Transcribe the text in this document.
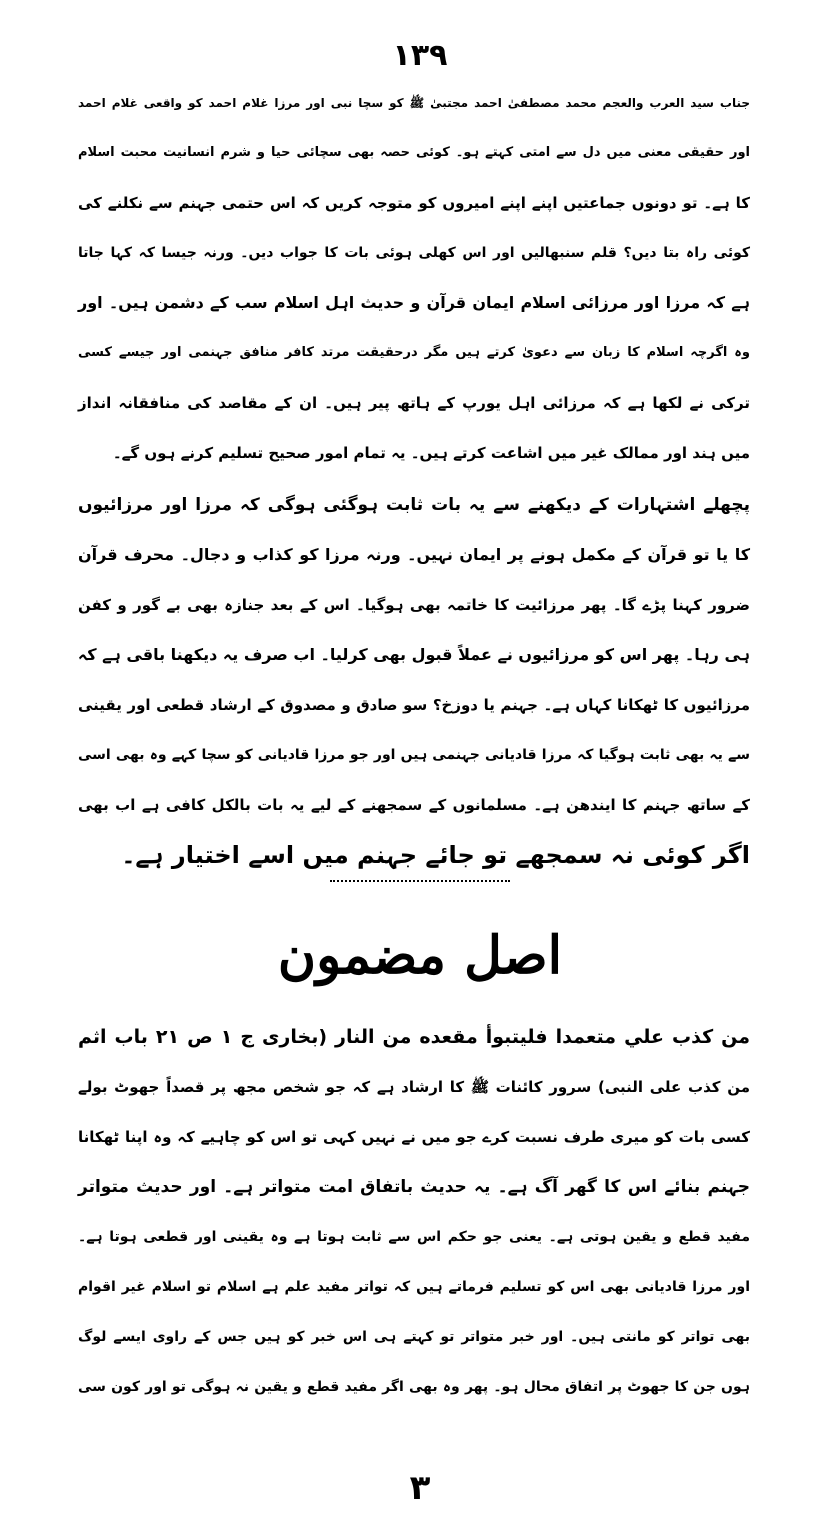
۱۳۹
جناب سید العرب والعجم محمد مصطفیٰ احمد مجتبیٰ ﷺ کو سچا نبی اور مرزا غلام احمد کو واقعی غلام احمد
اور حقیقی معنی میں دل سے امتی کہتے ہو۔ کوئی حصہ بھی سچائی حیا و شرم انسانیت محبت اسلام
کا ہے۔ تو دونوں جماعتیں اپنے اپنے امیروں کو متوجہ کریں کہ اس حتمی جہنم سے نکلنے کی
کوئی راہ بتا دیں؟ قلم سنبھالیں اور اس کھلی ہوئی بات کا جواب دیں۔ ورنہ جیسا کہ کہا جاتا
ہے کہ مرزا اور مرزائی اسلام ایمان قرآن و حدیث اہل اسلام سب کے دشمن ہیں۔ اور
وہ اگرچہ اسلام کا زبان سے دعویٰ کرتے ہیں مگر درحقیقت مرتد کافر منافق جہنمی اور جیسے کسی
ترکی نے لکھا ہے کہ مرزائی اہل یورپ کے ہاتھ پیر ہیں۔ ان کے مقاصد کی منافقانہ انداز
میں ہند اور ممالک غیر میں اشاعت کرتے ہیں۔ یہ تمام امور صحیح تسلیم کرنے ہوں گے۔
پچھلے اشتہارات کے دیکھنے سے یہ بات ثابت ہوگئی ہوگی کہ مرزا اور مرزائیوں
کا یا تو قرآن کے مکمل ہونے پر ایمان نہیں۔ ورنہ مرزا کو کذاب و دجال۔ محرف قرآن
ضرور کہنا پڑے گا۔ پھر مرزائیت کا خاتمہ بھی ہوگیا۔ اس کے بعد جنازہ بھی بے گور و کفن
ہی رہا۔ پھر اس کو مرزائیوں نے عملاً قبول بھی کرلیا۔ اب صرف یہ دیکھنا باقی ہے کہ
مرزائیوں کا ٹھکانا کہاں ہے۔ جہنم یا دوزخ؟ سو صادق و مصدوق کے ارشاد قطعی اور یقینی
سے یہ بھی ثابت ہوگیا کہ مرزا قادیانی جہنمی ہیں اور جو مرزا قادیانی کو سچا کہے وہ بھی اسی
کے ساتھ جہنم کا ایندھن ہے۔ مسلمانوں کے سمجھنے کے لیے یہ بات بالکل کافی ہے اب بھی
اگر کوئی نہ سمجھے تو جائے جہنم میں اسے اختیار ہے۔
اصل مضمون
من كذب علي متعمدا فليتبوأ مقعده من النار (بخاری ج ۱ ص ۲۱ باب اثم
من کذب علی النبی) سرور کائنات ﷺ کا ارشاد ہے کہ جو شخص مجھ پر قصداً جھوٹ بولے
کسی بات کو میری طرف نسبت کرے جو میں نے نہیں کہی تو اس کو چاہیے کہ وہ اپنا ٹھکانا
جہنم بنائے اس کا گھر آگ ہے۔ یہ حدیث باتفاق امت متواتر ہے۔ اور حدیث متواتر
مفید قطع و یقین ہوتی ہے۔ یعنی جو حکم اس سے ثابت ہوتا ہے وہ یقینی اور قطعی ہوتا ہے۔
اور مرزا قادیانی بھی اس کو تسلیم فرماتے ہیں کہ تواتر مفید علم ہے اسلام تو اسلام غیر اقوام
بھی تواتر کو مانتی ہیں۔ اور خبر متواتر تو کہتے ہی اس خبر کو ہیں جس کے راوی ایسے لوگ
ہوں جن کا جھوٹ پر اتفاق محال ہو۔ پھر وہ بھی اگر مفید قطع و یقین نہ ہوگی تو اور کون سی
۳
